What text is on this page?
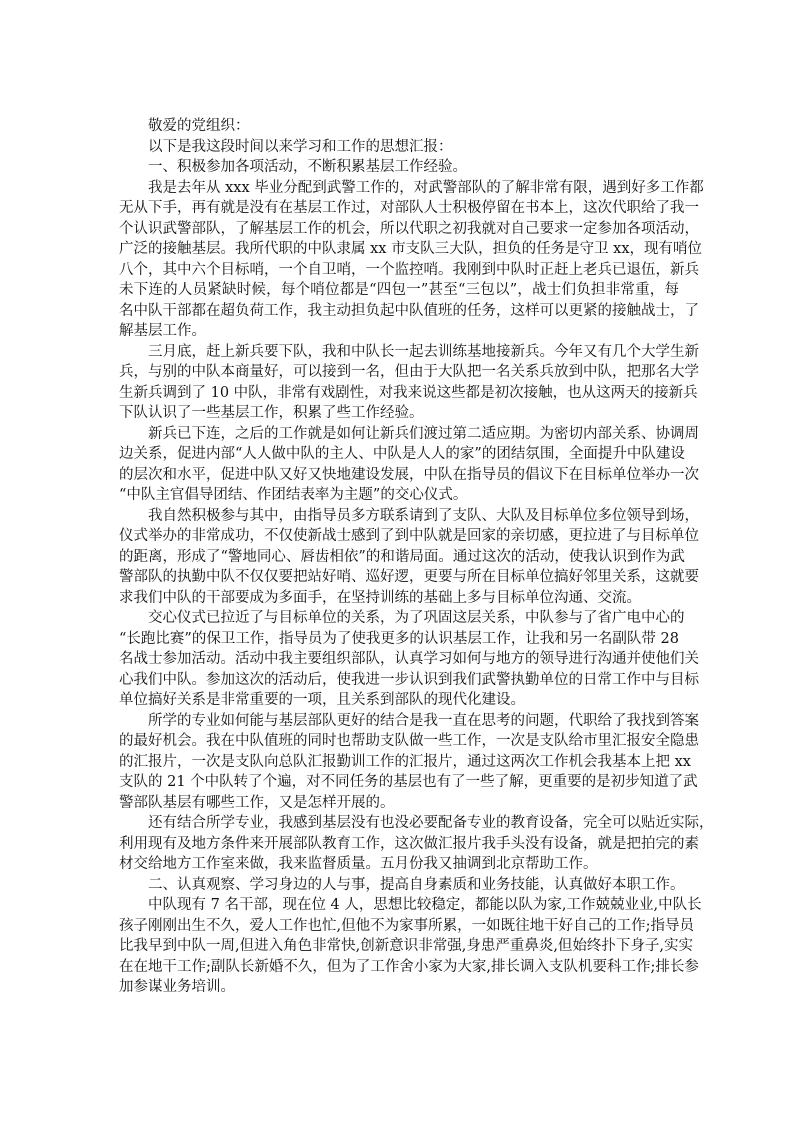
敬爱的党组织：

以下是我这段时间以来学习和工作的思想汇报：

一、积极参加各项活动，不断积累基层工作经验。

我是去年从 xxx 毕业分配到武警工作的，对武警部队的了解非常有限，遇到好多工作都

无从下手，再有就是没有在基层工作过，对部队人士积极停留在书本上，这次代职给了我一

个认识武警部队，了解基层工作的机会，所以代职之初我就对自己要求一定参加各项活动，

广泛的接触基层。我所代职的中队隶属 xx 市支队三大队，担负的任务是守卫 xx，现有哨位

八个，其中六个目标哨，一个自卫哨，一个监控哨。我刚到中队时正赶上老兵已退伍，新兵

未下连的人员紧缺时候，每个哨位都是“四包一”甚至“三包以”，战士们负担非常重，每

名中队干部都在超负荷工作，我主动担负起中队值班的任务，这样可以更紧的接触战士，了

解基层工作。

三月底，赶上新兵要下队，我和中队长一起去训练基地接新兵。今年又有几个大学生新

兵，与别的中队本商量好，可以接到一名，但由于大队把一名关系兵放到中队，把那名大学

生新兵调到了 10 中队，非常有戏剧性，对我来说这些都是初次接触，也从这两天的接新兵

下队认识了一些基层工作，积累了些工作经验。

新兵已下连，之后的工作就是如何让新兵们渡过第二适应期。为密切内部关系、协调周

边关系，促进内部“人人做中队的主人、中队是人人的家”的团结氛围，全面提升中队建设

的层次和水平，促进中队又好又快地建设发展，中队在指导员的倡议下在目标单位举办一次

“中队主官倡导团结、作团结表率为主题”的交心仪式。

我自然积极参与其中，由指导员多方联系请到了支队、大队及目标单位多位领导到场，

仪式举办的非常成功，不仅使新战士感到了到中队就是回家的亲切感，更拉进了与目标单位

的距离，形成了“警地同心、唇齿相依”的和谐局面。通过这次的活动，使我认识到作为武

警部队的执勤中队不仅仅要把站好哨、巡好逻，更要与所在目标单位搞好邻里关系，这就要

求我们中队的干部要成为多面手，在坚持训练的基础上多与目标单位沟通、交流。

交心仪式已拉近了与目标单位的关系，为了巩固这层关系，中队参与了省广电中心的

“长跑比赛”的保卫工作，指导员为了使我更多的认识基层工作，让我和另一名副队带 28

名战士参加活动。活动中我主要组织部队，认真学习如何与地方的领导进行沟通并使他们关

心我们中队。参加这次的活动后，使我进一步认识到我们武警执勤单位的日常工作中与目标

单位搞好关系是非常重要的一项，且关系到部队的现代化建设。

所学的专业如何能与基层部队更好的结合是我一直在思考的问题，代职给了我找到答案

的最好机会。我在中队值班的同时也帮助支队做一些工作，一次是支队给市里汇报安全隐患

的汇报片，一次是支队向总队汇报勤训工作的汇报片，通过这两次工作机会我基本上把 xx

支队的 21 个中队转了个遍，对不同任务的基层也有了一些了解，更重要的是初步知道了武

警部队基层有哪些工作，又是怎样开展的。

还有结合所学专业，我感到基层没有也没必要配备专业的教育设备，完全可以贴近实际，

利用现有及地方条件来开展部队教育工作，这次做汇报片我手头没有设备，就是把拍完的素

材交给地方工作室来做，我来监督质量。五月份我又抽调到北京帮助工作。

二、认真观察、学习身边的人与事，提高自身素质和业务技能，认真做好本职工作。

中队现有 7 名干部，现在位 4 人，思想比较稳定，都能以队为家,工作兢兢业业,中队长

孩子刚刚出生不久，爱人工作也忙,但他不为家事所累，一如既往地干好自己的工作;指导员

比我早到中队一周,但进入角色非常快,创新意识非常强,身患严重鼻炎,但始终扑下身子,实实

在在地干工作;副队长新婚不久，但为了工作舍小家为大家,排长调入支队机要科工作;排长参

加参谋业务培训。
